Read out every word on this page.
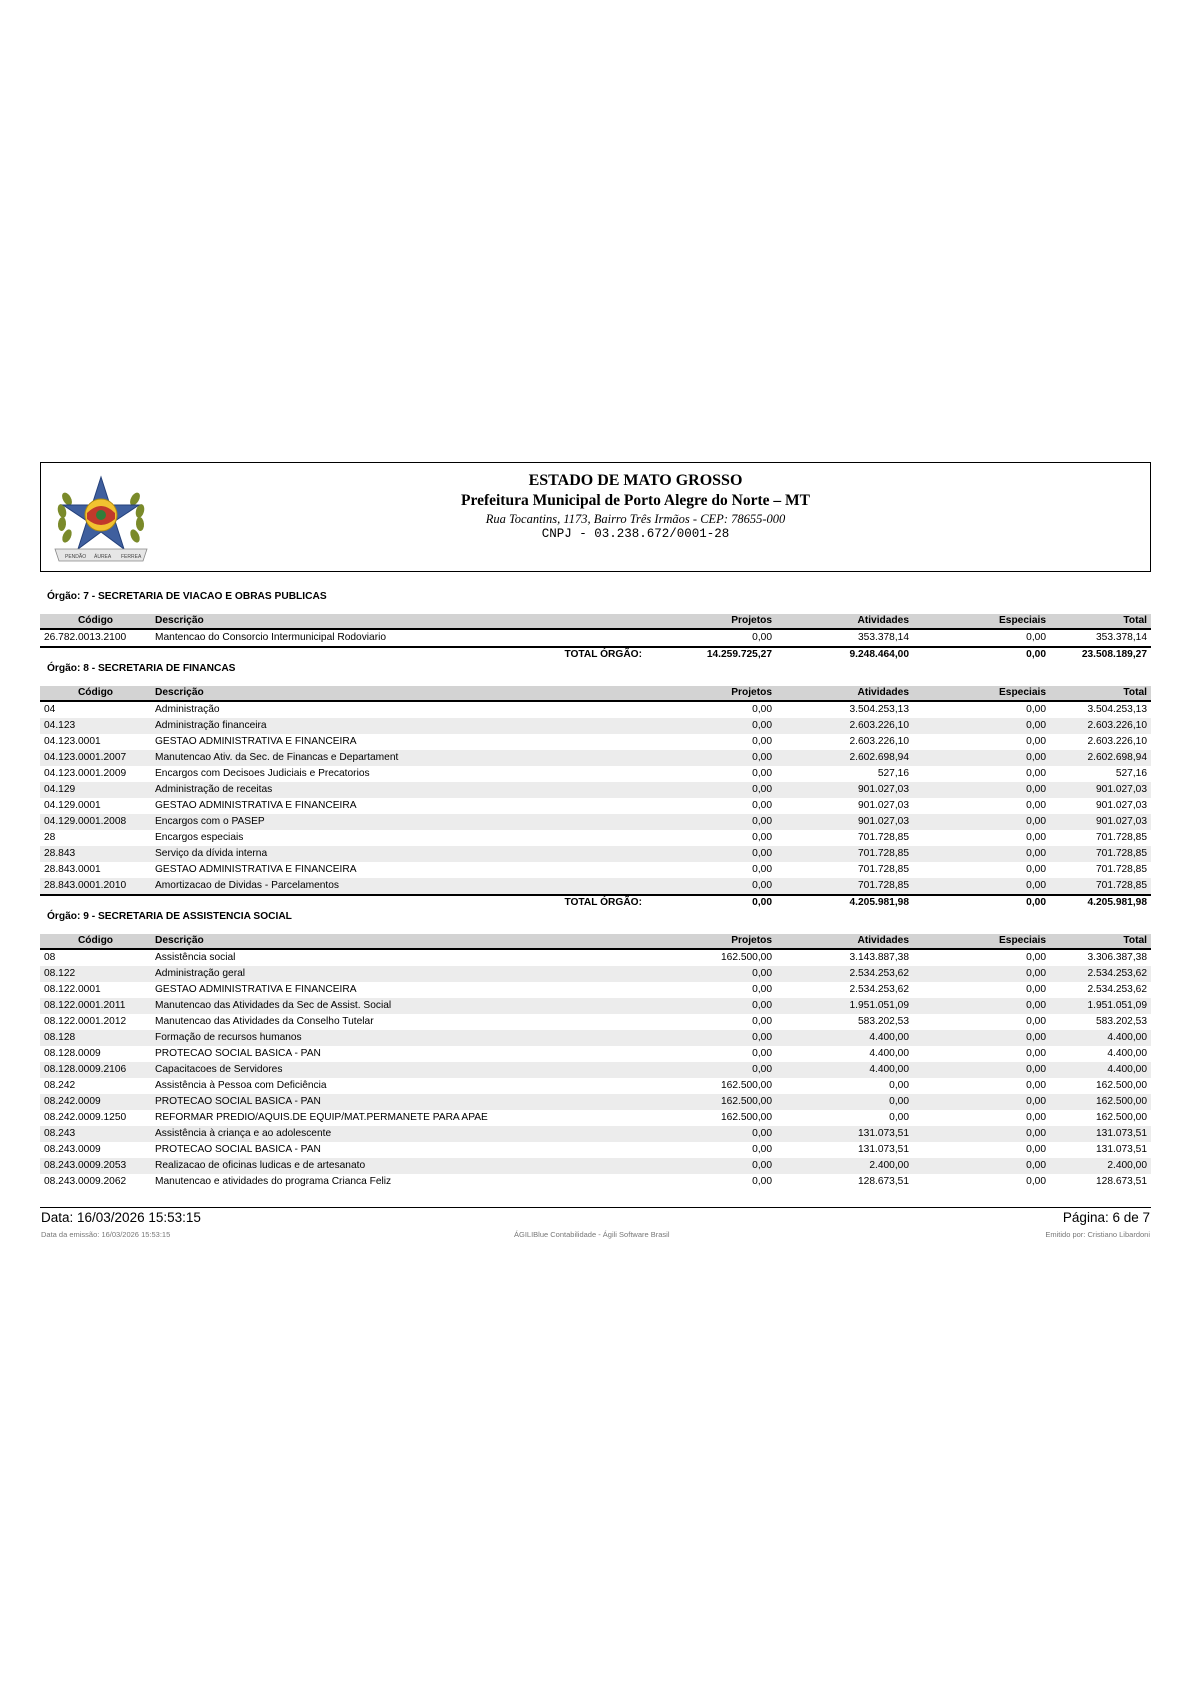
PENDÃO ÁUREA FERREA
ESTADO DE MATO GROSSO
Prefeitura Municipal de Porto Alegre do Norte – MT
Rua Tocantins, 1173, Bairro Três Irmãos - CEP: 78655-000
CNPJ - 03.238.672/0001-28
Órgão: 7 - SECRETARIA DE VIACAO E OBRAS PUBLICAS
Código	Descrição		Projetos	Atividades	Especiais	Total
26.782.0013.2100	Mantencao do Consorcio Intermunicipal Rodoviario		0,00	353.378,14	0,00	353.378,14
		TOTAL ÓRGÃO:	14.259.725,27	9.248.464,00	0,00	23.508.189,27
Órgão: 8 - SECRETARIA DE FINANCAS
Código	Descrição		Projetos	Atividades	Especiais	Total
04	Administração		0,00	3.504.253,13	0,00	3.504.253,13
04.123	Administração financeira		0,00	2.603.226,10	0,00	2.603.226,10
04.123.0001	GESTAO ADMINISTRATIVA E FINANCEIRA		0,00	2.603.226,10	0,00	2.603.226,10
04.123.0001.2007	Manutencao Ativ. da Sec. de Financas e Departament		0,00	2.602.698,94	0,00	2.602.698,94
04.123.0001.2009	Encargos com Decisoes Judiciais e Precatorios		0,00	527,16	0,00	527,16
04.129	Administração de receitas		0,00	901.027,03	0,00	901.027,03
04.129.0001	GESTAO ADMINISTRATIVA E FINANCEIRA		0,00	901.027,03	0,00	901.027,03
04.129.0001.2008	Encargos com o PASEP		0,00	901.027,03	0,00	901.027,03
28	Encargos especiais		0,00	701.728,85	0,00	701.728,85
28.843	Serviço da dívida interna		0,00	701.728,85	0,00	701.728,85
28.843.0001	GESTAO ADMINISTRATIVA E FINANCEIRA		0,00	701.728,85	0,00	701.728,85
28.843.0001.2010	Amortizacao de Dividas - Parcelamentos		0,00	701.728,85	0,00	701.728,85
		TOTAL ÓRGÃO:	0,00	4.205.981,98	0,00	4.205.981,98
Órgão: 9 - SECRETARIA DE ASSISTENCIA SOCIAL
Código	Descrição	Projetos	Atividades	Especiais	Total
08	Assistência social	162.500,00	3.143.887,38	0,00	3.306.387,38
08.122	Administração geral	0,00	2.534.253,62	0,00	2.534.253,62
08.122.0001	GESTAO ADMINISTRATIVA E FINANCEIRA	0,00	2.534.253,62	0,00	2.534.253,62
08.122.0001.2011	Manutencao das Atividades da Sec de Assist. Social	0,00	1.951.051,09	0,00	1.951.051,09
08.122.0001.2012	Manutencao das Atividades da Conselho Tutelar	0,00	583.202,53	0,00	583.202,53
08.128	Formação de recursos humanos	0,00	4.400,00	0,00	4.400,00
08.128.0009	PROTECAO SOCIAL BASICA - PAN	0,00	4.400,00	0,00	4.400,00
08.128.0009.2106	Capacitacoes de Servidores	0,00	4.400,00	0,00	4.400,00
08.242	Assistência à Pessoa com Deficiência	162.500,00	0,00	0,00	162.500,00
08.242.0009	PROTECAO SOCIAL BASICA - PAN	162.500,00	0,00	0,00	162.500,00
08.242.0009.1250	REFORMAR PREDIO/AQUIS.DE EQUIP/MAT.PERMANETE PARA APAE	162.500,00	0,00	0,00	162.500,00
08.243	Assistência à criança e ao adolescente	0,00	131.073,51	0,00	131.073,51
08.243.0009	PROTECAO SOCIAL BASICA - PAN	0,00	131.073,51	0,00	131.073,51
08.243.0009.2053	Realizacao de oficinas ludicas e de artesanato	0,00	2.400,00	0,00	2.400,00
08.243.0009.2062	Manutencao e atividades do programa Crianca Feliz	0,00	128.673,51	0,00	128.673,51
Data: 16/03/2026 15:53:15	Página: 6 de 7
Data da emissão: 16/03/2026 15:53:15	ÁGILIBlue Contabilidade - Ágili Software Brasil	Emitido por: Cristiano Libardoni
